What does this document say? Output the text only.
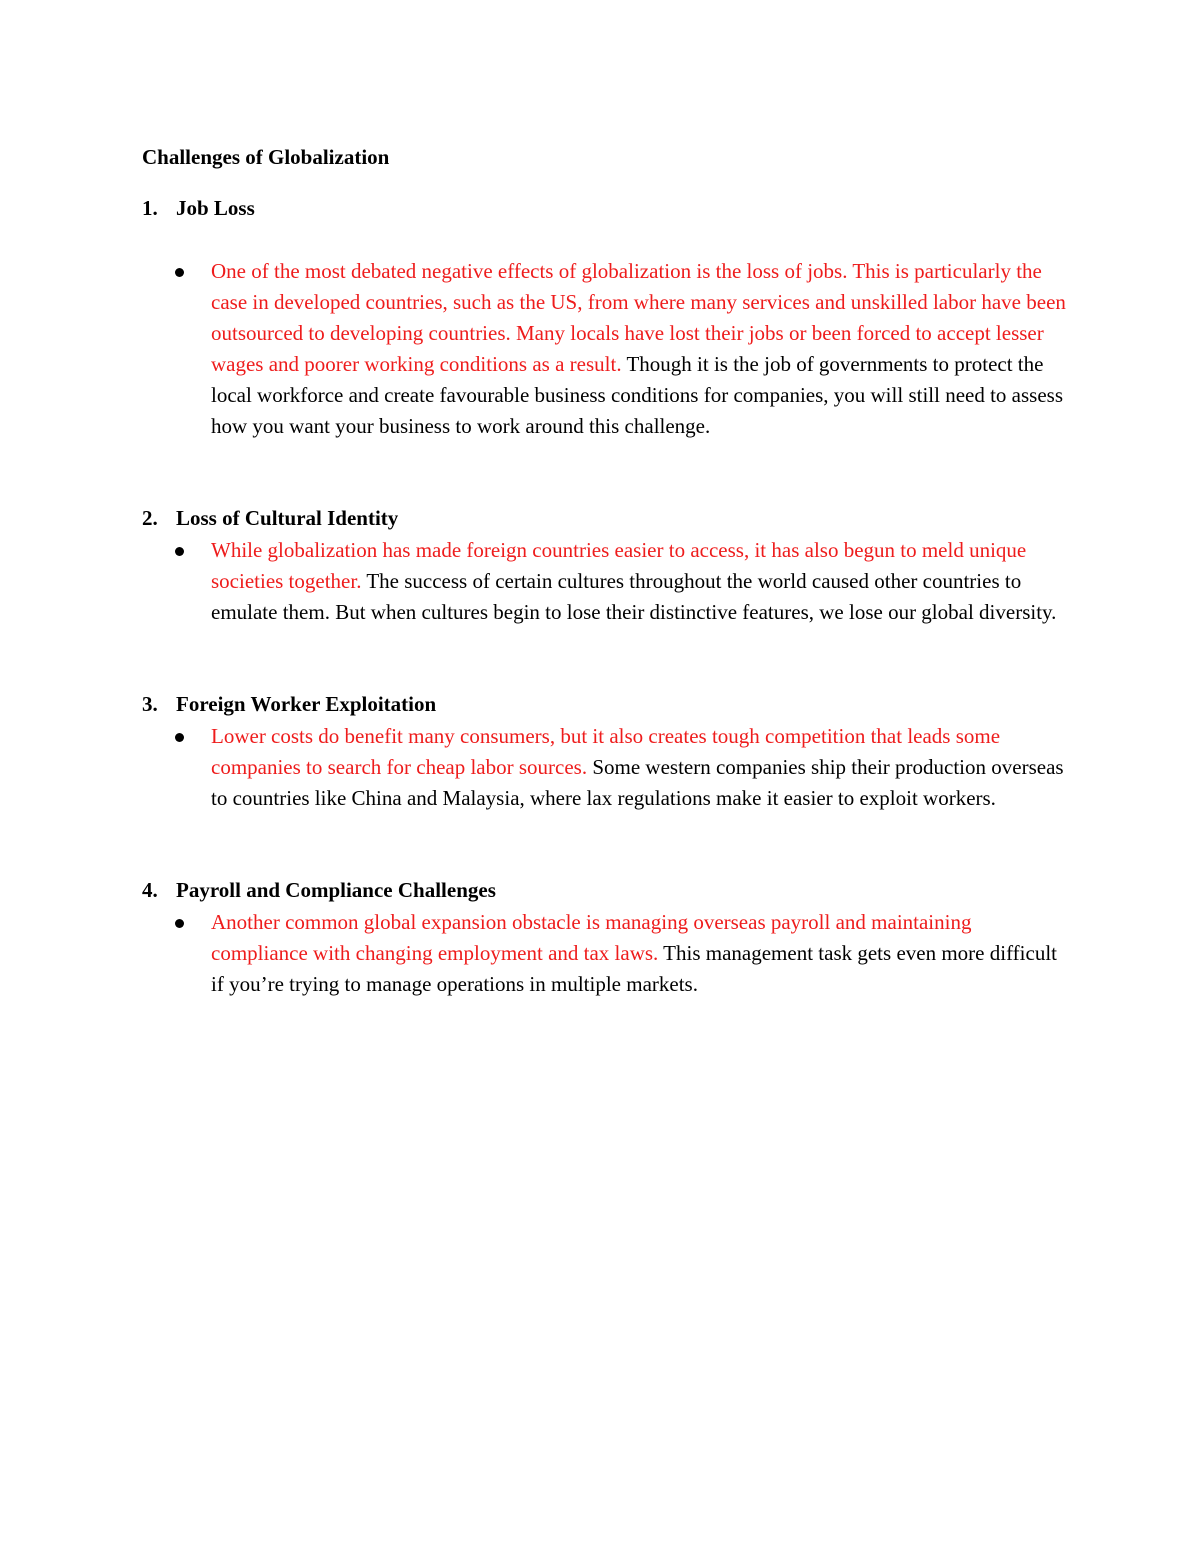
Challenges of Globalization
1. Job Loss
One of the most debated negative effects of globalization is the loss of jobs. This is particularly the case in developed countries, such as the US, from where many services and unskilled labor have been outsourced to developing countries. Many locals have lost their jobs or been forced to accept lesser wages and poorer working conditions as a result. Though it is the job of governments to protect the local workforce and create favourable business conditions for companies, you will still need to assess how you want your business to work around this challenge.
2. Loss of Cultural Identity
While globalization has made foreign countries easier to access, it has also begun to meld unique societies together. The success of certain cultures throughout the world caused other countries to emulate them. But when cultures begin to lose their distinctive features, we lose our global diversity.
3. Foreign Worker Exploitation
Lower costs do benefit many consumers, but it also creates tough competition that leads some companies to search for cheap labor sources. Some western companies ship their production overseas to countries like China and Malaysia, where lax regulations make it easier to exploit workers.
4. Payroll and Compliance Challenges
Another common global expansion obstacle is managing overseas payroll and maintaining compliance with changing employment and tax laws. This management task gets even more difficult if you’re trying to manage operations in multiple markets.
